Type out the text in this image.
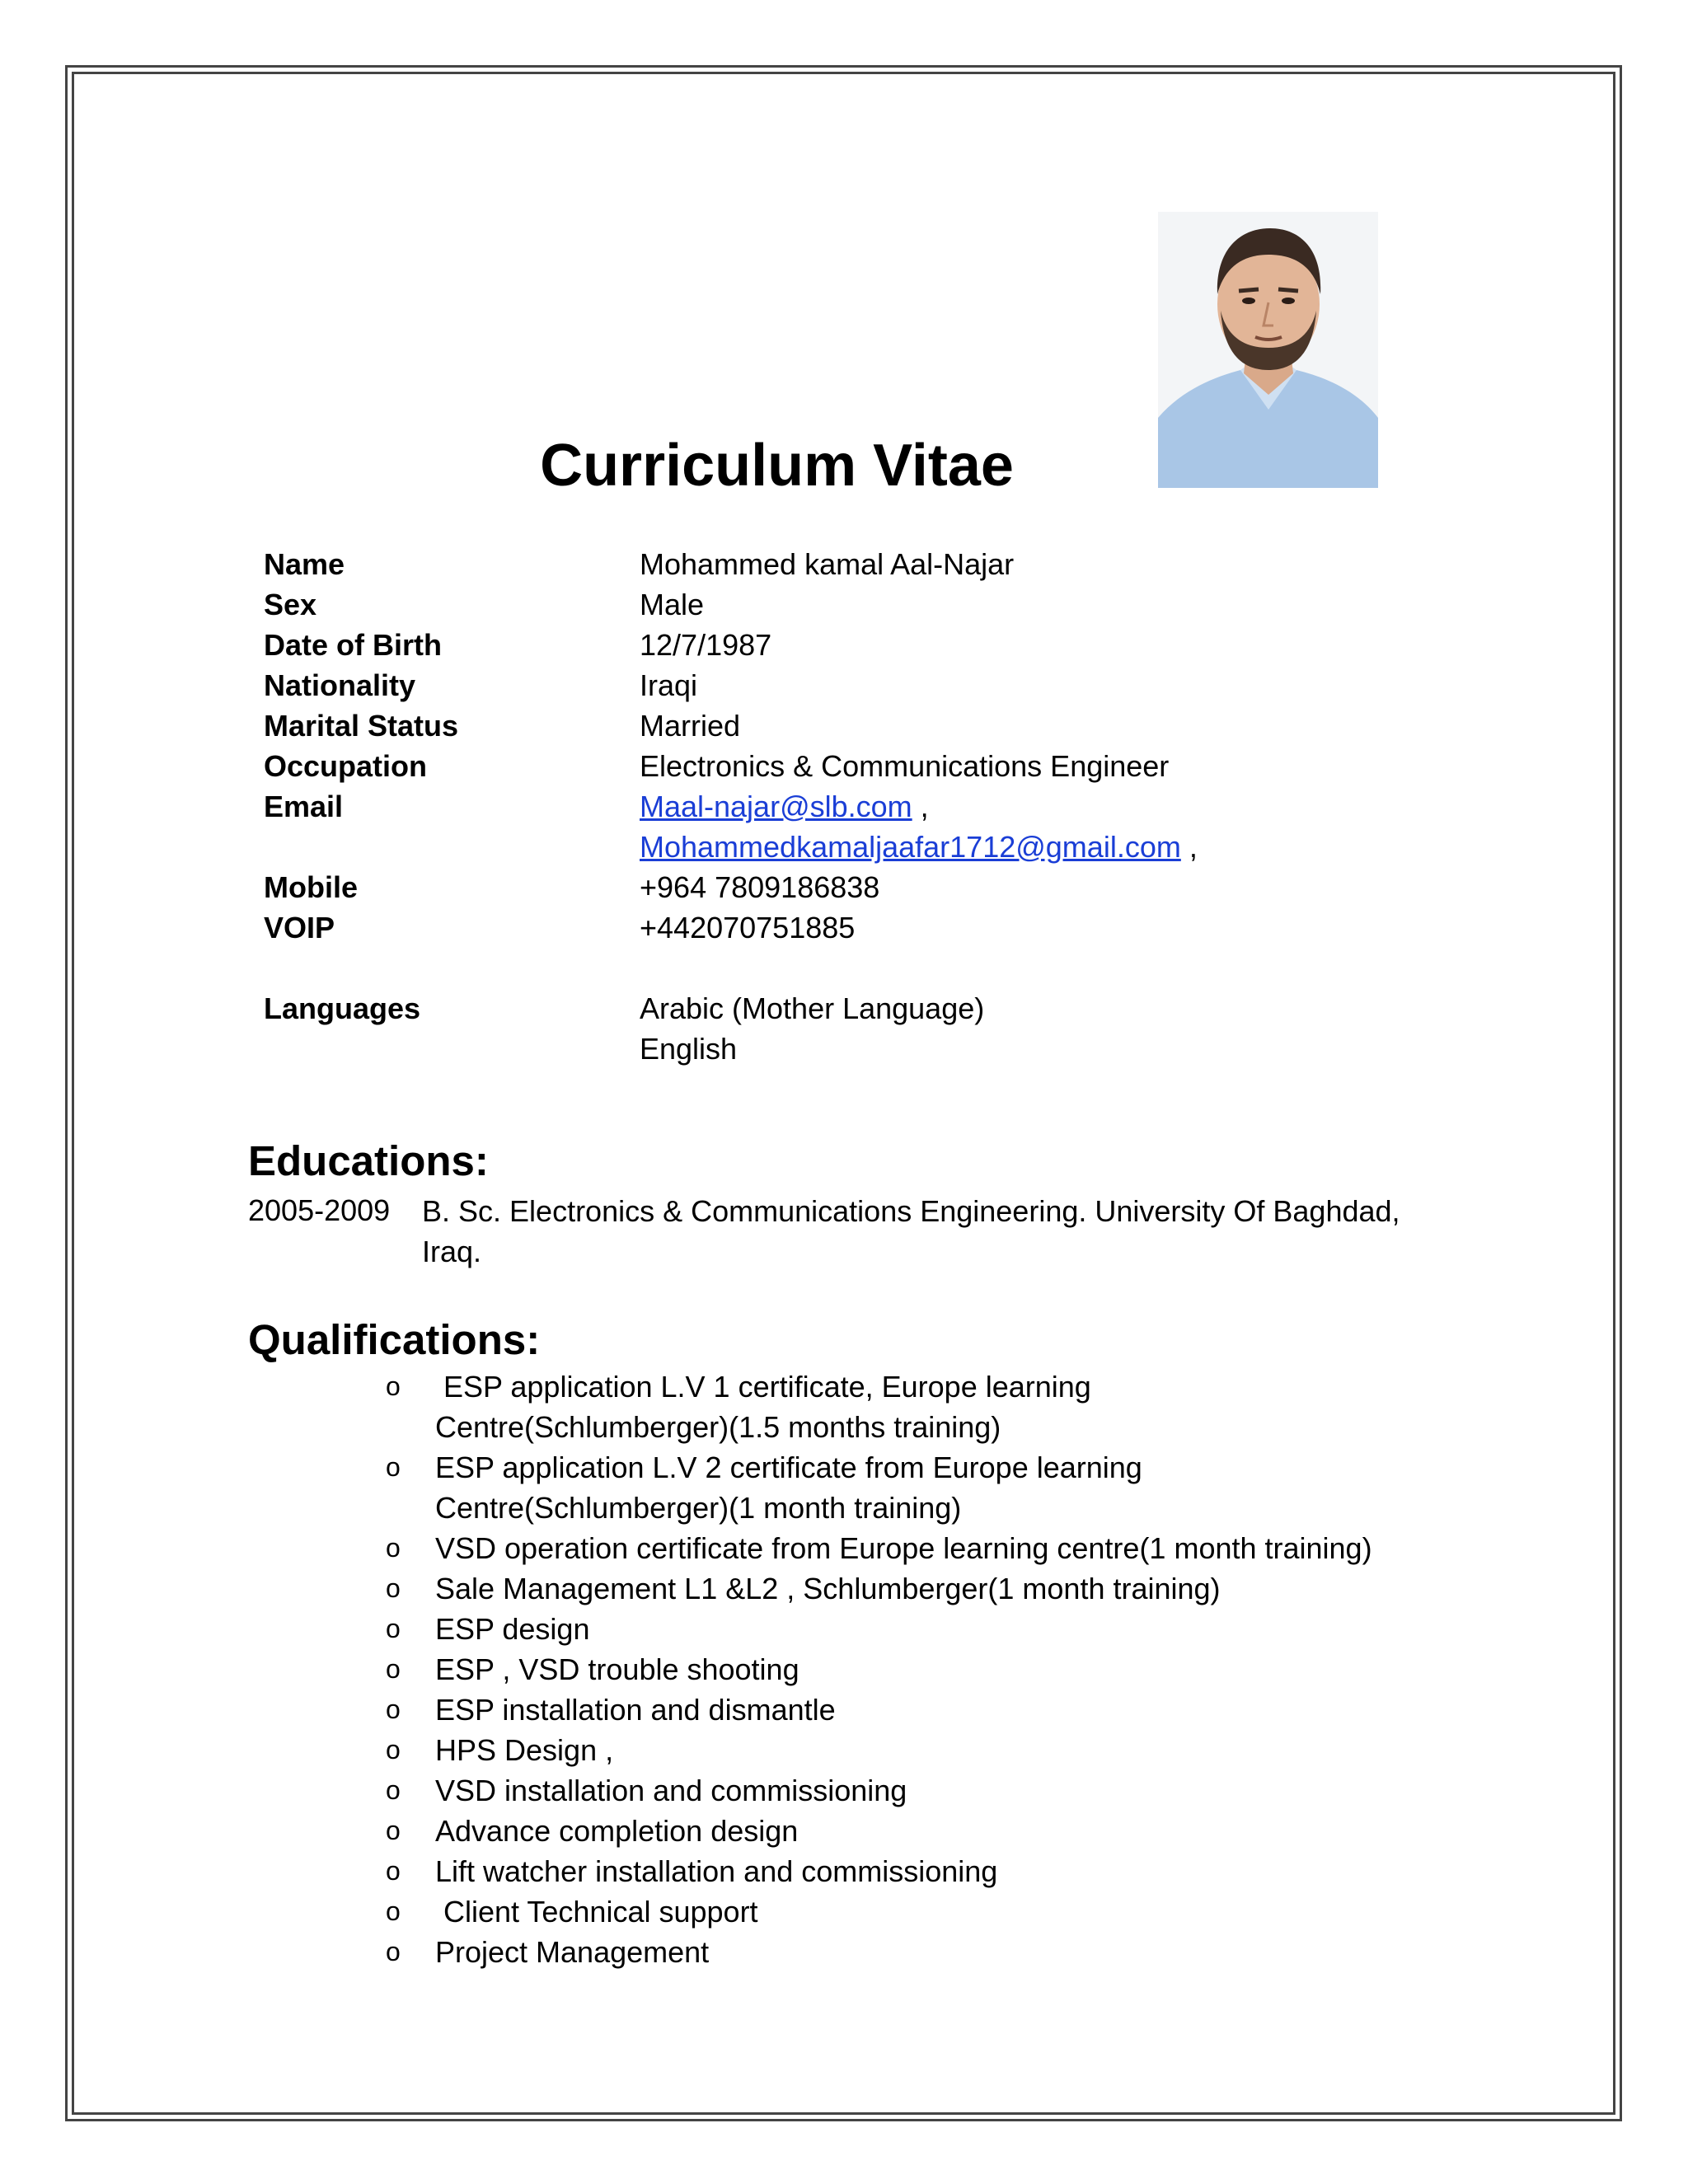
Curriculum Vitae
Name	Mohammed kamal Aal-Najar
Sex	Male
Date of Birth	12/7/1987
Nationality	Iraqi
Marital Status	Married
Occupation	Electronics & Communications Engineer
Email	Maal-najar@slb.com ,
Mohammedkamaljaafar1712@gmail.com ,
Mobile	+964 7809186838
VOIP	+442070751885
Languages	Arabic (Mother Language)
English
Educations:
2005-2009 B. Sc. Electronics & Communications Engineering. University Of Baghdad, Iraq.
Qualifications:
o ESP application L.V 1 certificate, Europe learning Centre(Schlumberger)(1.5 months training)
o ESP application L.V 2 certificate from Europe learning Centre(Schlumberger)(1 month training)
o VSD operation certificate from Europe learning centre(1 month training)
o Sale Management L1 &L2 , Schlumberger(1 month training)
o ESP design
o ESP , VSD trouble shooting
o ESP installation and dismantle
o HPS Design ,
o VSD installation and commissioning
o Advance completion design
o Lift watcher installation and commissioning
o Client Technical support
o Project Management
